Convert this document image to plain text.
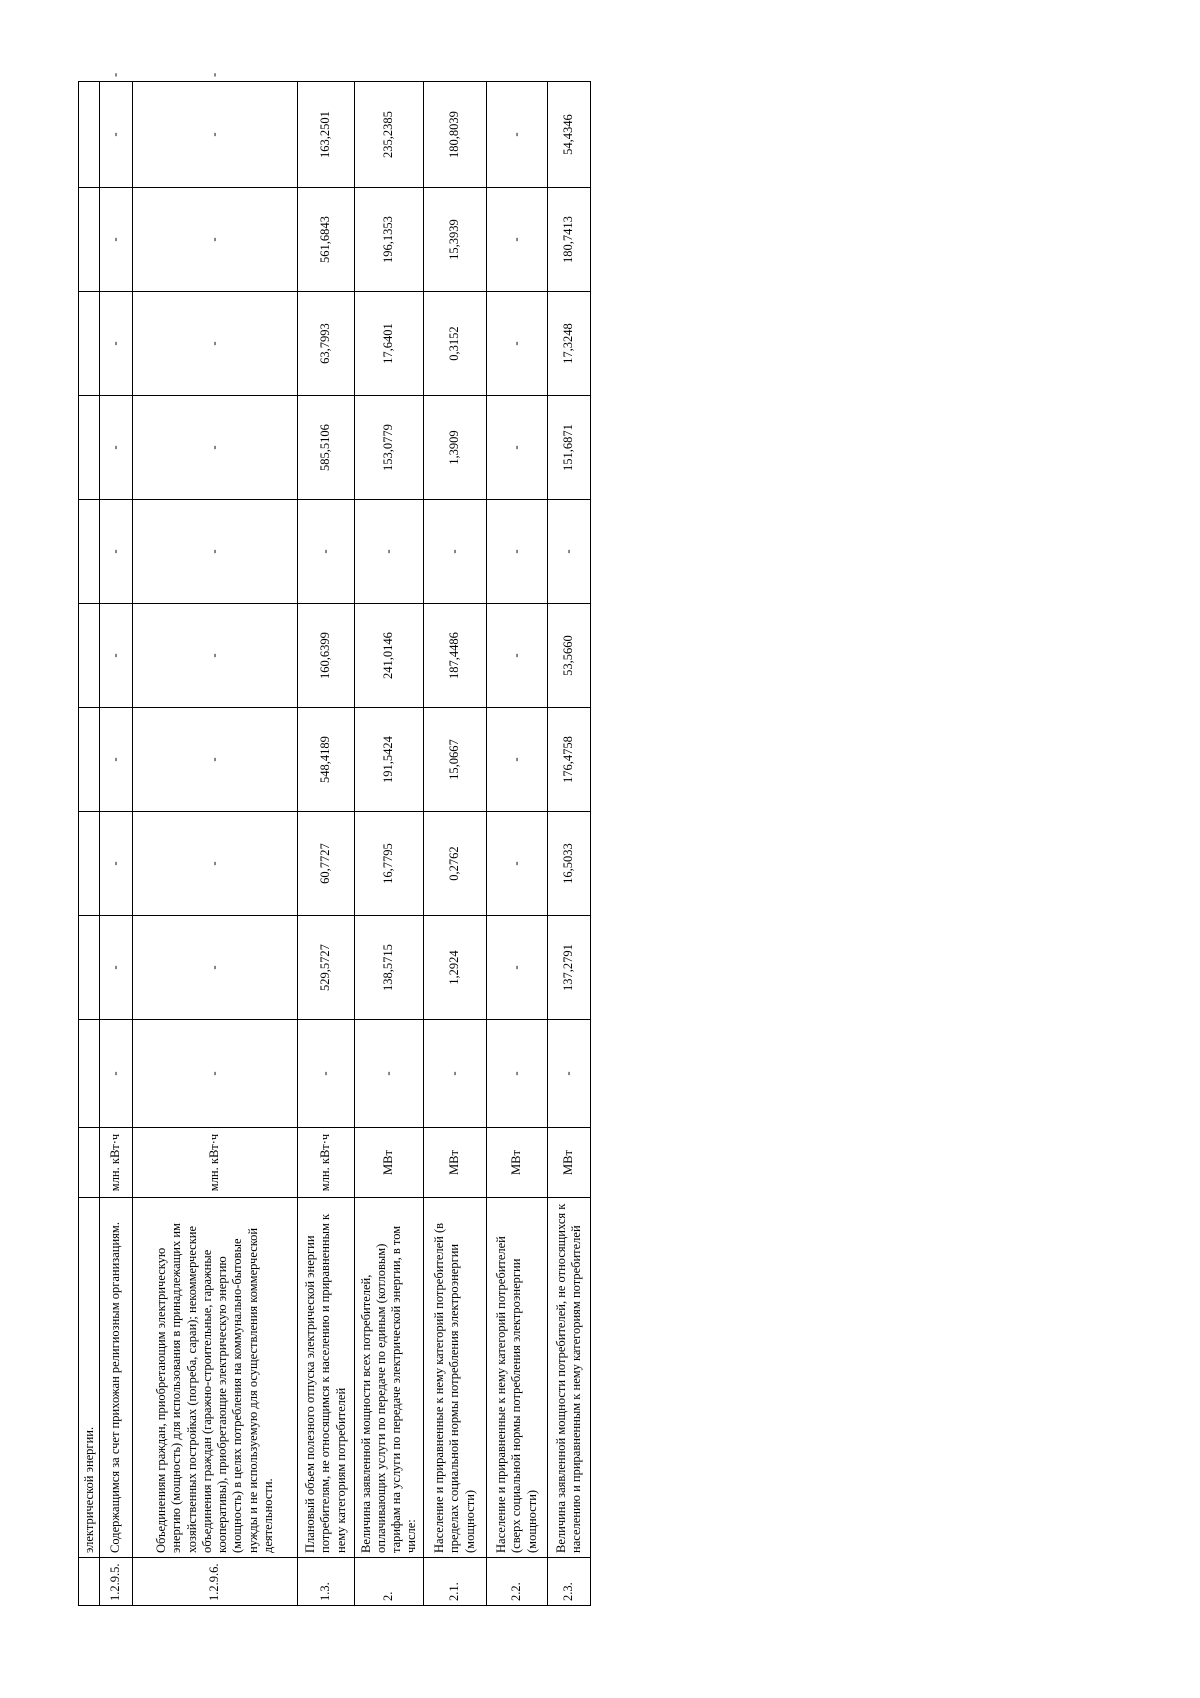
	электрической энергии.												
1.2.9.5.	Содержащимся за счет прихожан религиозным организациям.	млн. кВт·ч	-	-	-	-	-	-	-	-	-	-	-
1.2.9.6.	Объединениям граждан, приобретающим электрическую энергию (мощность) для использования в принадлежащих им хозяйственных постройках (погреба, сараи); некоммерческие объединения граждан (гаражно-строительные, гаражные кооперативы), приобретающие электрическую энергию (мощность) в целях потребления на коммунально-бытовые нужды и не используемую для осуществления коммерческой деятельности.	млн. кВт·ч	-	-	-	-	-	-	-	-	-	-	-
1.3.	Плановый объем полезного отпуска электрической энергии потребителям, не относящимся к населению и приравненным к нему категориям потребителей	млн. кВт·ч	-	529,5727	60,7727	548,4189	160,6399	-	585,5106	63,7993	561,6843	163,2501	
2.	Величина заявленной мощности всех потребителей, оплачивающих услуги по передаче по единым (котловым) тарифам на услуги по передаче электрической энергии, в том числе:	МВт	-	138,5715	16,7795	191,5424	241,0146	-	153,0779	17,6401	196,1353	235,2385	
2.1.	Население и приравненные к нему категорий потребителей (в пределах социальной нормы потребления электроэнергии (мощности)	МВт	-	1,2924	0,2762	15,0667	187,4486	-	1,3909	0,3152	15,3939	180,8039	
2.2.	Население и приравненные к нему категорий потребителей (сверх социальной нормы потребления электроэнергии (мощности)	МВт	-	-	-	-	-	-	-	-	-	-	
2.3.	Величина заявленной мощности потребителей, не относящихся к населению и приравненным к нему категориям потребителей	МВт	-	137,2791	16,5033	176,4758	53,5660	-	151,6871	17,3248	180,7413	54,4346	
